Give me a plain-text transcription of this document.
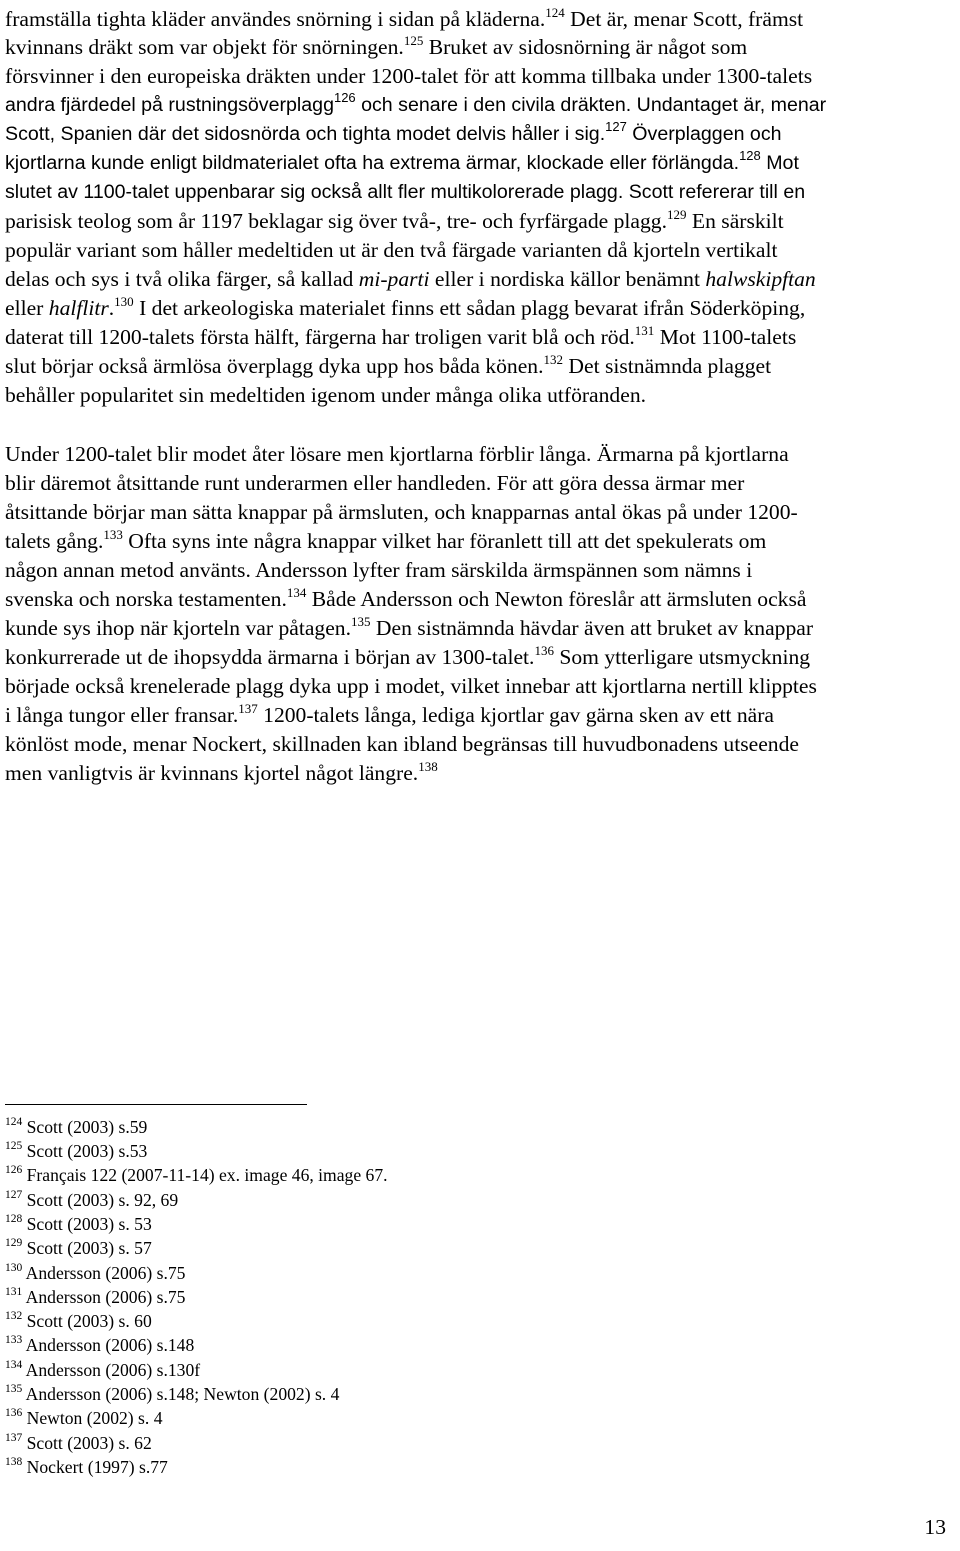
framställa tighta kläder användes snörning i sidan på kläderna.$^{124}$ Det är, menar Scott, främst
kvinnans dräkt som var objekt för snörningen.$^{125}$ Bruket av sidosnörning är något som
försvinner i den europeiska dräkten under 1200-talet för att komma tillbaka under 1300-talets
andra fjärdedel på rustningsöverplagg$^{126}$ och senare i den civila dräkten. Undantaget är, menar
Scott, Spanien där det sidosnörda och tighta modet delvis håller i sig.$^{127}$ Överplaggen och
kjortlarna kunde enligt bildmaterialet ofta ha extrema ärmar, klockade eller förlängda.$^{128}$ Mot
slutet av 1100-talet uppenbarar sig också allt fler multikolorerade plagg. Scott refererar till en
parisisk teolog som år 1197 beklagar sig över två-, tre- och fyrfärgade plagg.$^{129}$ En särskilt
populär variant som håller medeltiden ut är den två färgade varianten då kjorteln vertikalt
delas och sys i två olika färger, så kallad mi-parti eller i nordiska källor benämnt halwskipftan
eller halflitr.$^{130}$ I det arkeologiska materialet finns ett sådan plagg bevarat ifrån Söderköping,
daterat till 1200-talets första hälft, färgerna har troligen varit blå och röd.$^{131}$ Mot 1100-talets
slut börjar också ärmlösa överplagg dyka upp hos båda könen.$^{132}$ Det sistnämnda plagget
behåller popularitet sin medeltiden igenom under många olika utföranden.
Under 1200-talet blir modet åter lösare men kjortlarna förblir långa. Ärmarna på kjortlarna
blir däremot åtsittande runt underarmen eller handleden. För att göra dessa ärmar mer
åtsittande börjar man sätta knappar på ärmsluten, och knapparnas antal ökas på under 1200-
talets gång.$^{133}$ Ofta syns inte några knappar vilket har föranlett till att det spekulerats om
någon annan metod använts. Andersson lyfter fram särskilda ärmspännen som nämns i
svenska och norska testamenten.$^{134}$ Både Andersson och Newton föreslår att ärmsluten också
kunde sys ihop när kjorteln var påtagen.$^{135}$ Den sistnämnda hävdar även att bruket av knappar
konkurrerade ut de ihopsydda ärmarna i början av 1300-talet.$^{136}$ Som ytterligare utsmyckning
började också krenelerade plagg dyka upp i modet, vilket innebar att kjortlarna nertill klipptes
i långa tungor eller fransar.$^{137}$ 1200-talets långa, lediga kjortlar gav gärna sken av ett nära
könlöst mode, menar Nockert, skillnaden kan ibland begränsas till huvudbonadens utseende
men vanligtvis är kvinnans kjortel något längre.$^{138}$
$^{124}$ Scott (2003) s.59
$^{125}$ Scott (2003) s.53
$^{126}$ Français 122 (2007-11-14) ex. image 46, image 67.
$^{127}$ Scott (2003) s. 92, 69
$^{128}$ Scott (2003) s. 53
$^{129}$ Scott (2003) s. 57
$^{130}$ Andersson (2006) s.75
$^{131}$ Andersson (2006) s.75
$^{132}$ Scott (2003) s. 60
$^{133}$ Andersson (2006) s.148
$^{134}$ Andersson (2006) s.130f
$^{135}$ Andersson (2006) s.148; Newton (2002) s. 4
$^{136}$ Newton (2002) s. 4
$^{137}$ Scott (2003) s. 62
$^{138}$ Nockert (1997) s.77
13
